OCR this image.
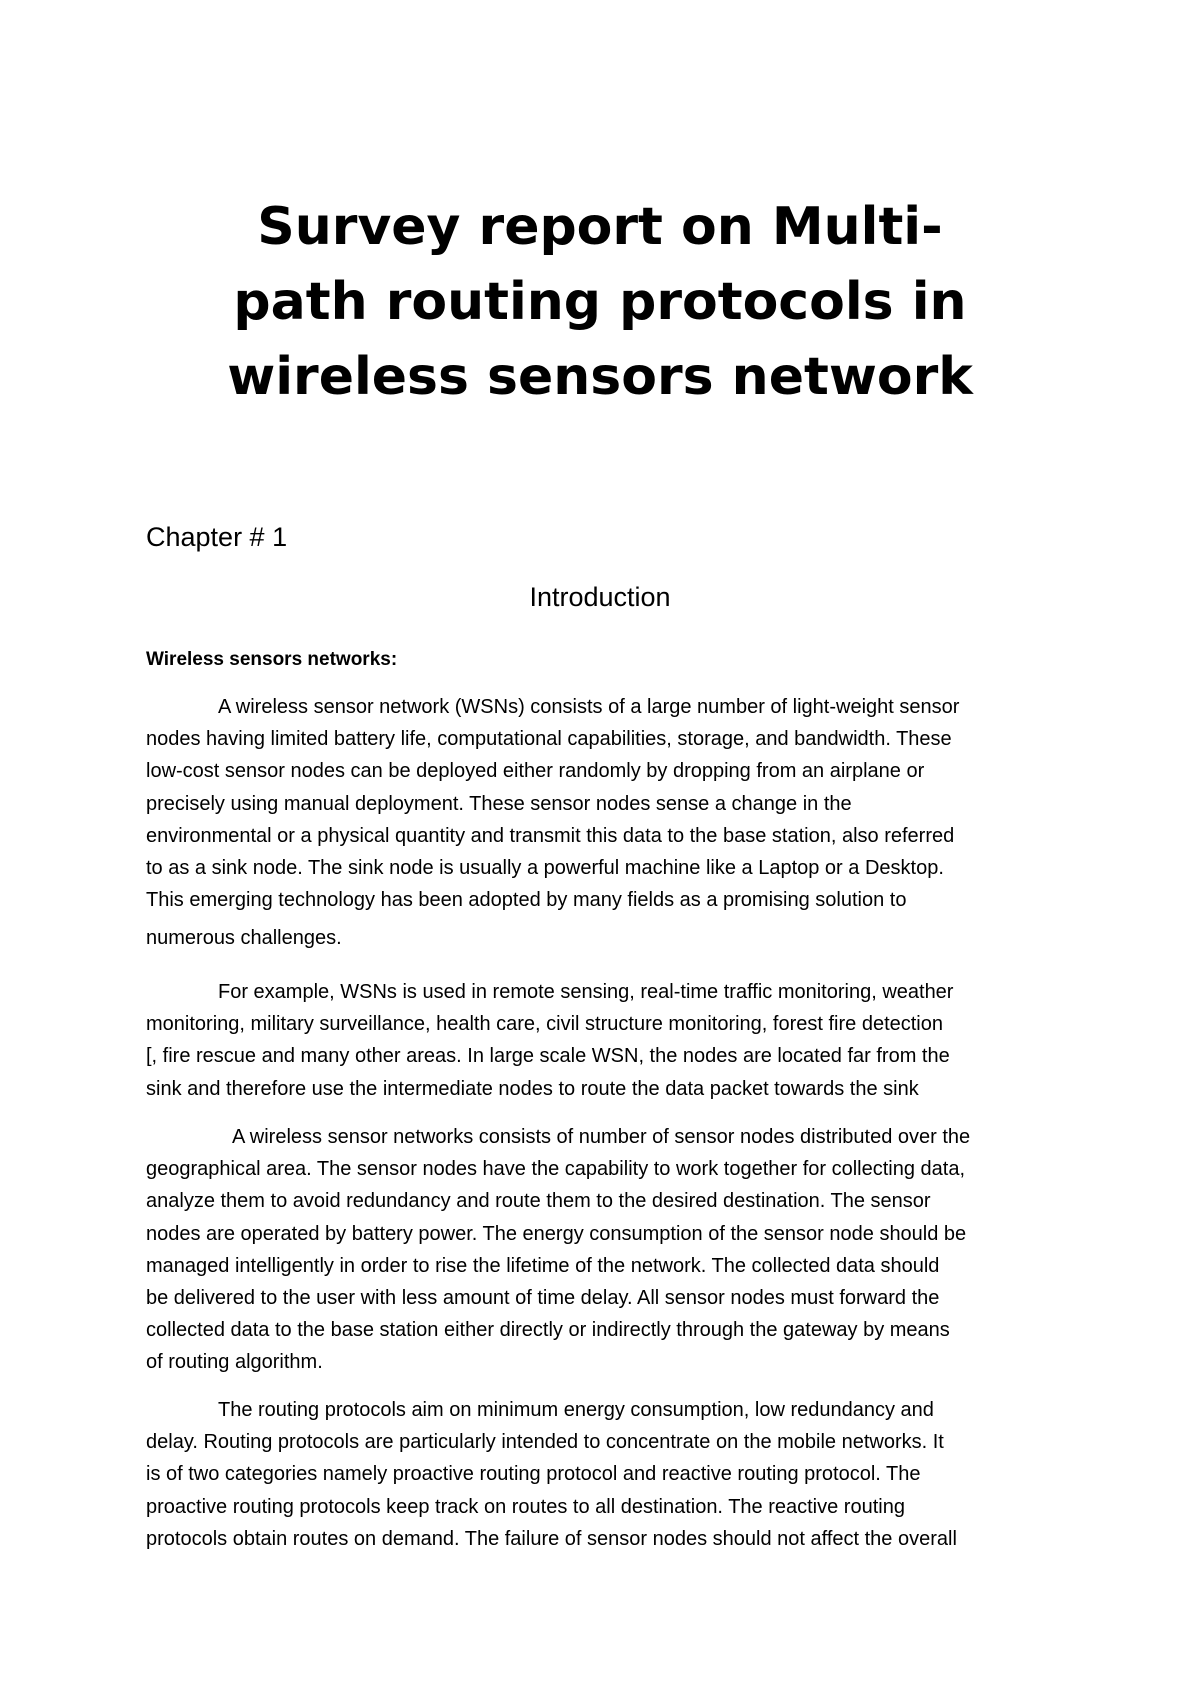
Survey report on Multi-
path routing protocols in
wireless sensors network
Chapter # 1
Introduction
Wireless sensors networks:

A wireless sensor network (WSNs) consists of a large number of light-weight sensor
nodes having limited battery life, computational capabilities, storage, and bandwidth. These
low-cost sensor nodes can be deployed either randomly by dropping from an airplane or
precisely using manual deployment. These sensor nodes sense a change in the
environmental or a physical quantity and transmit this data to the base station, also referred
to as a sink node. The sink node is usually a powerful machine like a Laptop or a Desktop.
This emerging technology has been adopted by many fields as a promising solution to
numerous challenges.

For example, WSNs is used in remote sensing, real-time traffic monitoring, weather
monitoring, military surveillance, health care, civil structure monitoring, forest fire detection
[, fire rescue and many other areas. In large scale WSN, the nodes are located far from the
sink and therefore use the intermediate nodes to route the data packet towards the sink

A wireless sensor networks consists of number of sensor nodes distributed over the
geographical area. The sensor nodes have the capability to work together for collecting data,
analyze them to avoid redundancy and route them to the desired destination. The sensor
nodes are operated by battery power. The energy consumption of the sensor node should be
managed intelligently in order to rise the lifetime of the network. The collected data should
be delivered to the user with less amount of time delay. All sensor nodes must forward the
collected data to the base station either directly or indirectly through the gateway by means
of routing algorithm.

The routing protocols aim on minimum energy consumption, low redundancy and
delay. Routing protocols are particularly intended to concentrate on the mobile networks. It
is of two categories namely proactive routing protocol and reactive routing protocol. The
proactive routing protocols keep track on routes to all destination. The reactive routing
protocols obtain routes on demand. The failure of sensor nodes should not affect the overall
